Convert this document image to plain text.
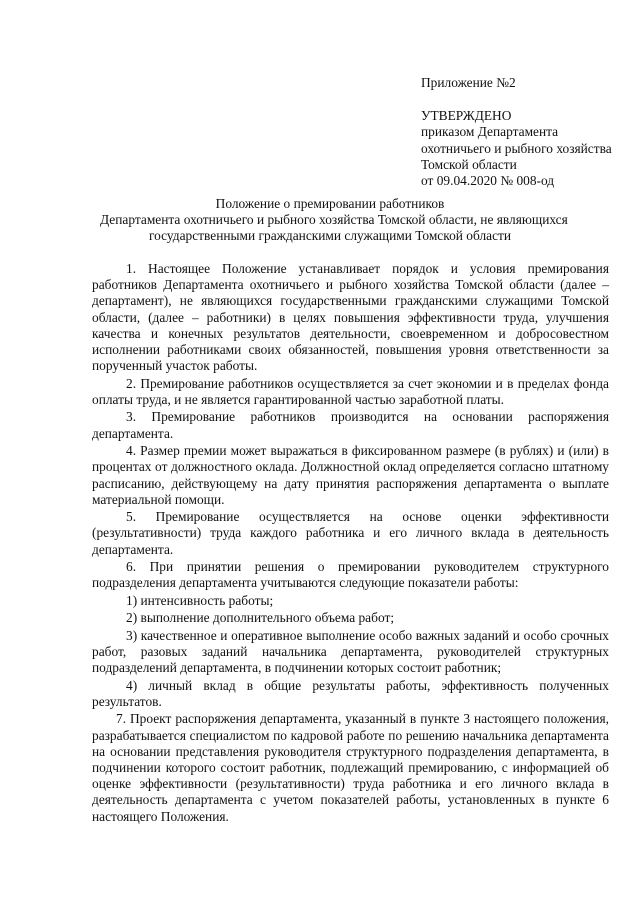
Приложение №2
УТВЕРЖДЕНО
приказом Департамента
охотничьего и рыбного хозяйства
Томской области
от 09.04.2020 № 008-од
Положение о премировании работников
Департамента охотничьего и рыбного хозяйства Томской области, не являющихся
государственными гражданскими служащими Томской области

1. Настоящее Положение устанавливает порядок и условия премирования работников Департамента охотничьего и рыбного хозяйства Томской области (далее – департамент), не являющихся государственными гражданскими служащими Томской области, (далее – работники) в целях повышения эффективности труда, улучшения качества и конечных результатов деятельности, своевременном и добросовестном исполнении работниками своих обязанностей, повышения уровня ответственности за порученный участок работы.

2. Премирование работников осуществляется за счет экономии и в пределах фонда оплаты труда, и не является гарантированной частью заработной платы.

3. Премирование работников производится на основании распоряжения департамента.

4. Размер премии может выражаться в фиксированном размере (в рублях) и (или) в процентах от должностного оклада. Должностной оклад определяется согласно штатному расписанию, действующему на дату принятия распоряжения департамента о выплате материальной помощи.

5. Премирование осуществляется на основе оценки эффективности (результативности) труда каждого работника и его личного вклада в деятельность департамента.

6. При принятии решения о премировании руководителем структурного подразделения департамента учитываются следующие показатели работы:

1) интенсивность работы;

2) выполнение дополнительного объема работ;

3) качественное и оперативное выполнение особо важных заданий и особо срочных работ, разовых заданий начальника департамента, руководителей структурных подразделений департамента, в подчинении которых состоит работник;

4) личный вклад в общие результаты работы, эффективность полученных результатов.

7. Проект распоряжения департамента, указанный в пункте 3 настоящего положения, разрабатывается специалистом по кадровой работе по решению начальника департамента на основании представления руководителя структурного подразделения департамента, в подчинении которого состоит работник, подлежащий премированию, с информацией об оценке эффективности (результативности) труда работника и его личного вклада в деятельность департамента с учетом показателей работы, установленных в пункте 6 настоящего Положения.
